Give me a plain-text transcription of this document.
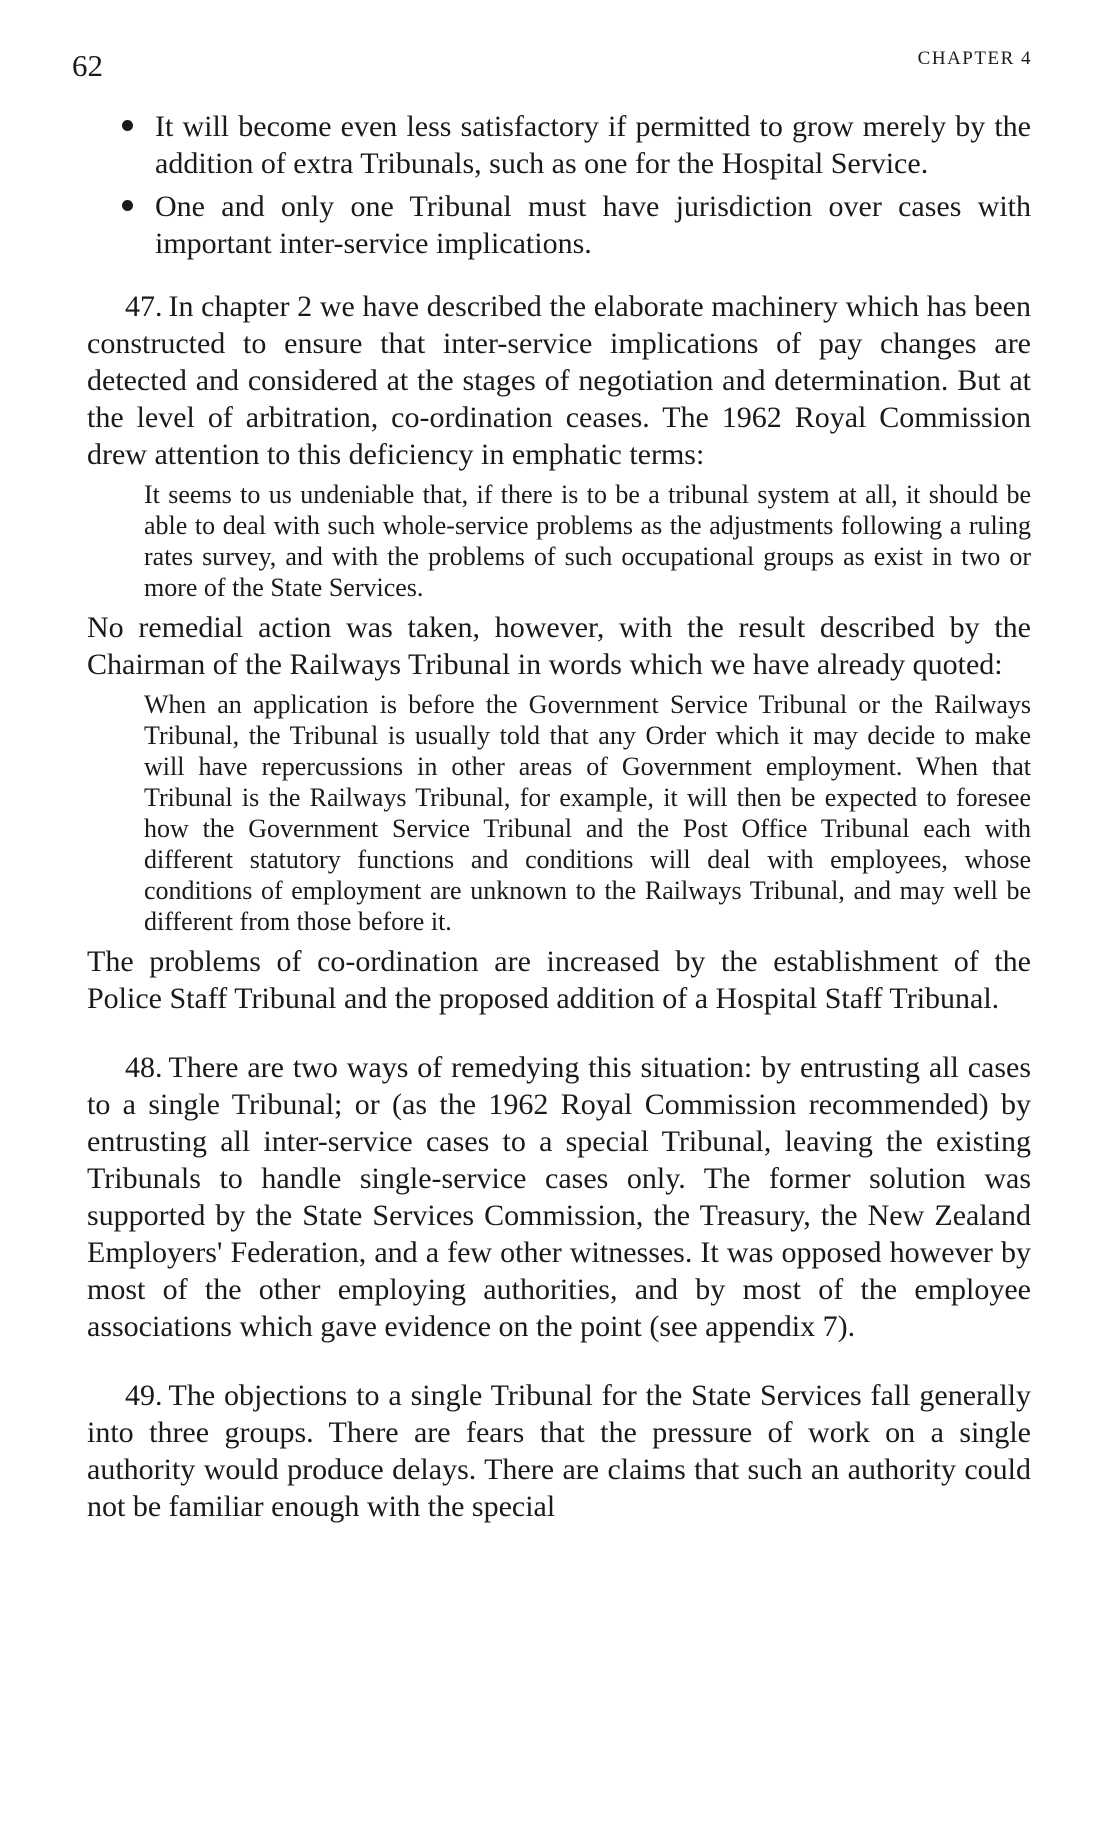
62	CHAPTER 4
It will become even less satisfactory if permitted to grow merely by the addition of extra Tribunals, such as one for the Hospital Service.
One and only one Tribunal must have jurisdiction over cases with important inter-service implications.

47. In chapter 2 we have described the elaborate machinery which has been constructed to ensure that inter-service implications of pay changes are detected and considered at the stages of negotiation and determination. But at the level of arbitration, co-ordination ceases. The 1962 Royal Commission drew attention to this deficiency in emphatic terms:

It seems to us undeniable that, if there is to be a tribunal system at all, it should be able to deal with such whole-service problems as the adjustments following a ruling rates survey, and with the problems of such occupational groups as exist in two or more of the State Services.

No remedial action was taken, however, with the result described by the Chairman of the Railways Tribunal in words which we have already quoted:

When an application is before the Government Service Tribunal or the Railways Tribunal, the Tribunal is usually told that any Order which it may decide to make will have repercussions in other areas of Government employment. When that Tribunal is the Railways Tribunal, for example, it will then be expected to foresee how the Government Service Tribunal and the Post Office Tribunal each with different statutory functions and conditions will deal with employees, whose conditions of employment are unknown to the Railways Tribunal, and may well be different from those before it.

The problems of co-ordination are increased by the establishment of the Police Staff Tribunal and the proposed addition of a Hospital Staff Tribunal.

48. There are two ways of remedying this situation: by entrusting all cases to a single Tribunal; or (as the 1962 Royal Commission recommended) by entrusting all inter-service cases to a special Tribunal, leaving the existing Tribunals to handle single-service cases only. The former solution was supported by the State Services Commission, the Treasury, the New Zealand Employers' Federation, and a few other witnesses. It was opposed however by most of the other employing authorities, and by most of the employee associations which gave evidence on the point (see appendix 7).

49. The objections to a single Tribunal for the State Services fall generally into three groups. There are fears that the pressure of work on a single authority would produce delays. There are claims that such an authority could not be familiar enough with the special
